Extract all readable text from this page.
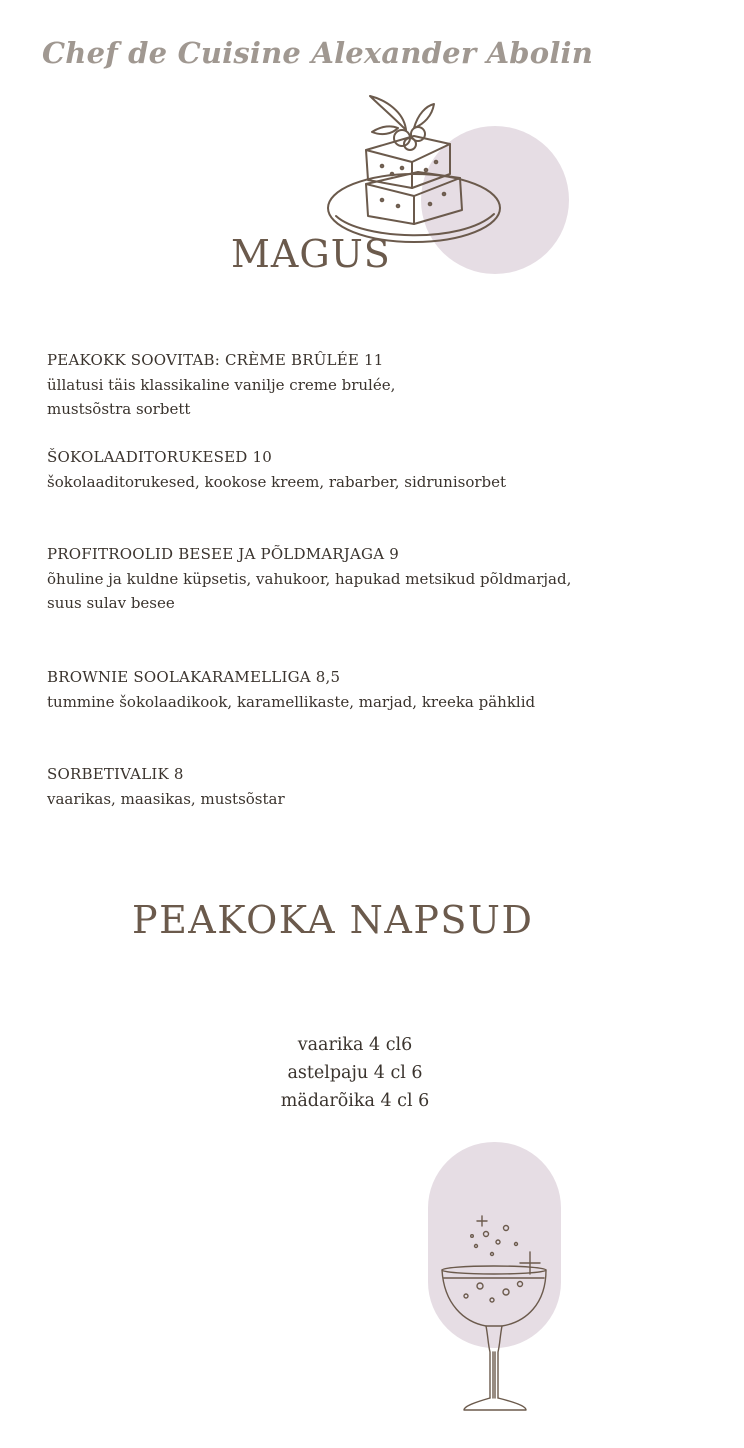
Chef de Cuisine Alexander Abolin
MAGUS
PEAKOKK SOOVITAB: CRÈME BRÛLÉE 11
üllatusi täis klassikaline vanilje creme brulée,
mustsõstra sorbett
ŠOKOLAADITORUKESED 10
šokolaaditorukesed, kookose kreem, rabarber, sidrunisorbet
PROFITROOLID BESEE JA PÕLDMARJAGA 9
õhuline ja kuldne küpsetis, vahukoor, hapukad metsikud põldmarjad,
suus sulav besee
BROWNIE SOOLAKARAMELLIGA 8,5
tummine šokolaadikook, karamellikaste, marjad, kreeka pähklid
SORBETIVALIK 8
vaarikas, maasikas, mustsõstar
PEAKOKA NAPSUD
vaarika 4 cl6
astelpaju 4 cl 6
mädarõika 4 cl 6
